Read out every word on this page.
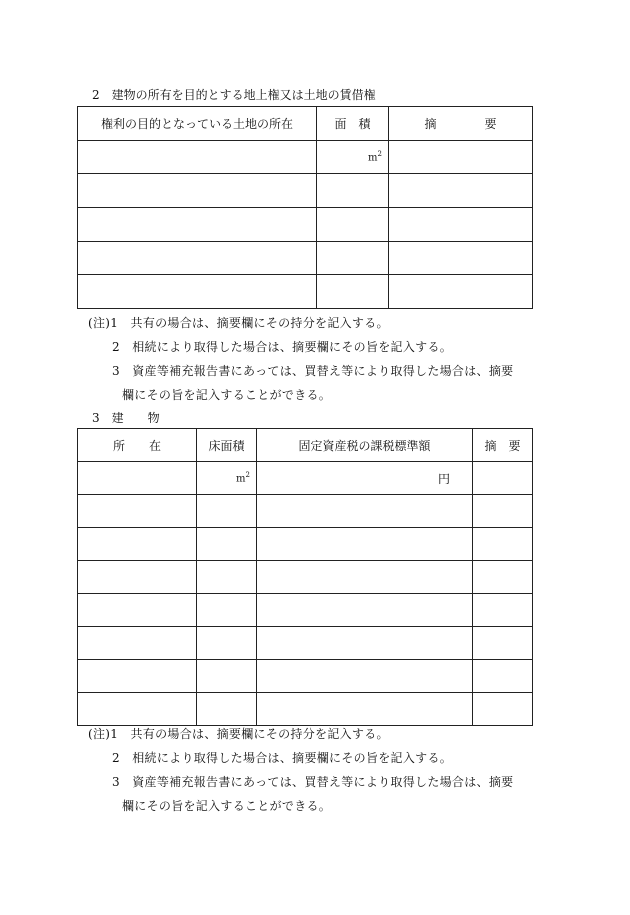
2　建物の所有を目的とする地上権又は土地の賃借権
権利の目的となっている土地の所在	面　積	摘　　　　要
	$m^2$	

(注)1　 共有の場合は、摘要欄にその持分を記入する。
2　 相続により取得した場合は、摘要欄にその旨を記入する。
3　 資産等補充報告書にあっては、買替え等により取得した場合は、摘要
欄にその旨を記入することができる。
3　建　　物
所　　在	床面積	固定資産税の課税標準額	摘　要
	$m^2$	円	

(注)1　 共有の場合は、摘要欄にその持分を記入する。
2　 相続により取得した場合は、摘要欄にその旨を記入する。
3　 資産等補充報告書にあっては、買替え等により取得した場合は、摘要
欄にその旨を記入することができる。
